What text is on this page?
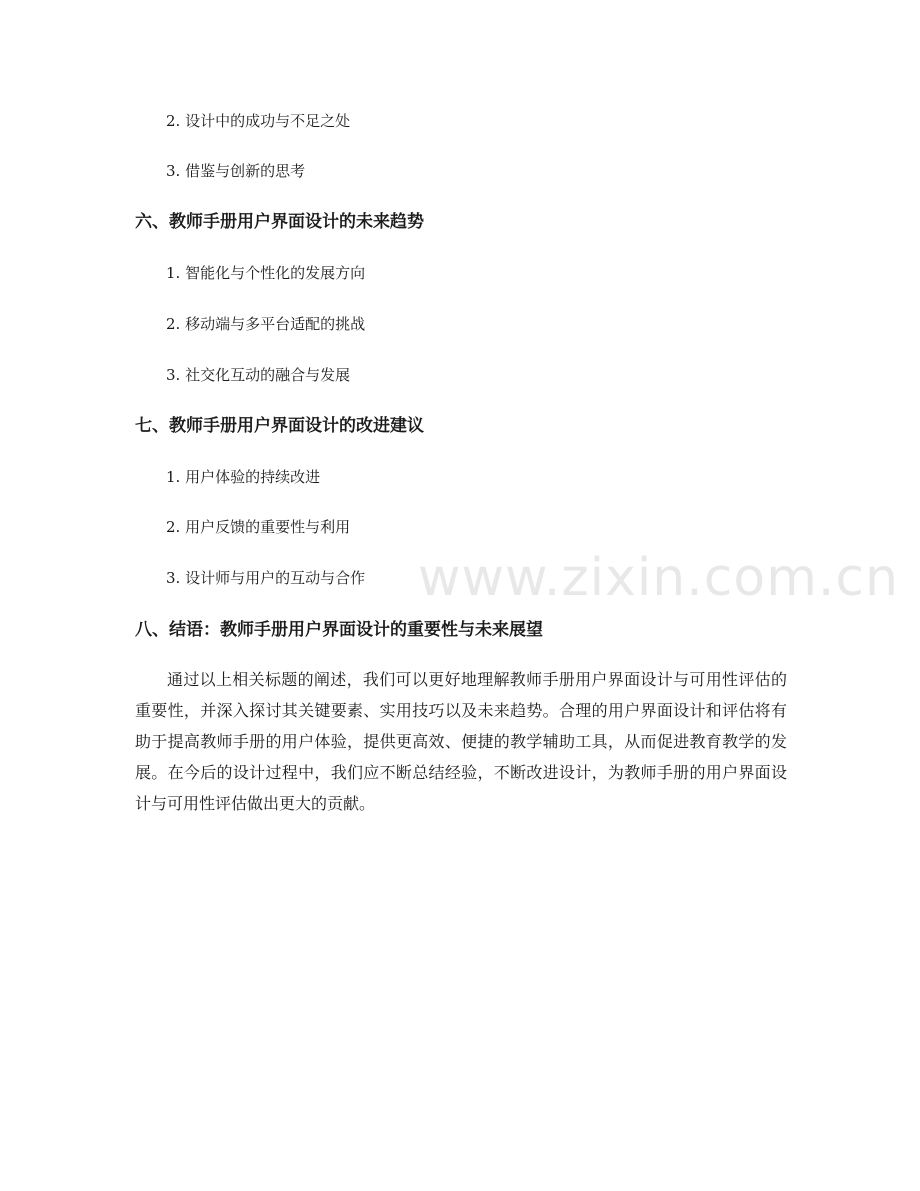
2. 设计中的成功与不足之处
3. 借鉴与创新的思考
六、教师手册用户界面设计的未来趋势
1. 智能化与个性化的发展方向
2. 移动端与多平台适配的挑战
3. 社交化互动的融合与发展
七、教师手册用户界面设计的改进建议
1. 用户体验的持续改进
2. 用户反馈的重要性与利用
3. 设计师与用户的互动与合作
八、结语：教师手册用户界面设计的重要性与未来展望

通过以上相关标题的阐述，我们可以更好地理解教师手册用户界面设计与可用性评估的重要性，并深入探讨其关键要素、实用技巧以及未来趋势。合理的用户界面设计和评估将有助于提高教师手册的用户体验，提供更高效、便捷的教学辅助工具，从而促进教育教学的发展。在今后的设计过程中，我们应不断总结经验，不断改进设计，为教师手册的用户界面设计与可用性评估做出更大的贡献。

www.zixin.com.cn
